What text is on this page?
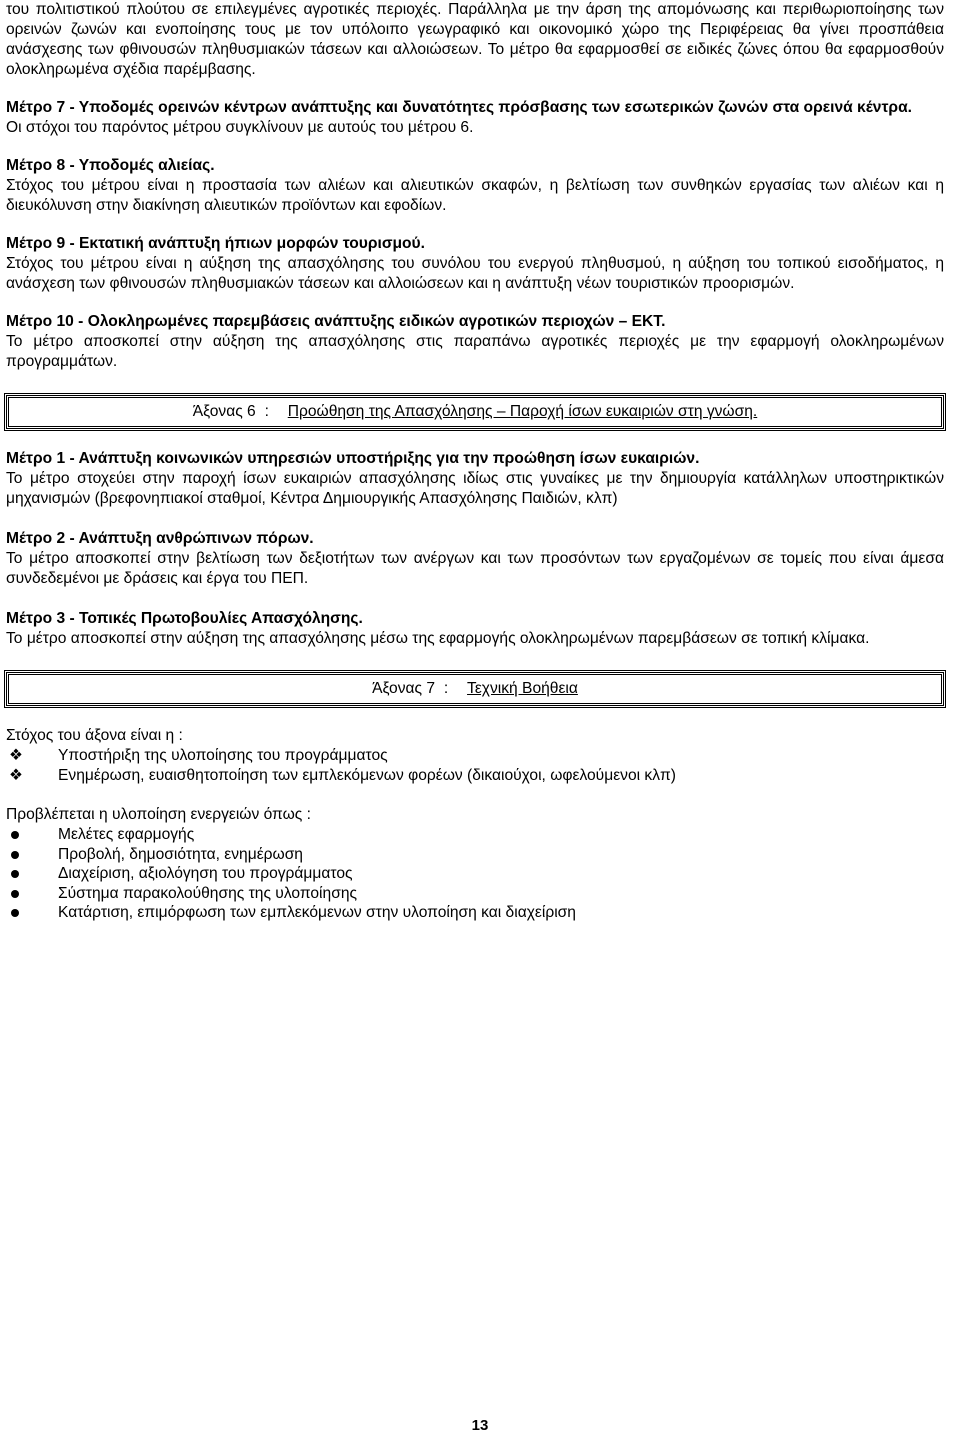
του πολιτιστικού πλούτου σε επιλεγμένες αγροτικές περιοχές. Παράλληλα με την άρση της απομόνωσης και περιθωριοποίησης των ορεινών ζωνών και ενοποίησης τους με τον υπόλοιπο γεωγραφικό και οικονομικό χώρο της Περιφέρειας θα γίνει προσπάθεια ανάσχεσης των φθινουσών πληθυσμιακών τάσεων και αλλοιώσεων. Το μέτρο θα εφαρμοσθεί σε ειδικές ζώνες όπου θα εφαρμοσθούν ολοκληρωμένα σχέδια παρέμβασης.

Μέτρο 7 - Υποδομές ορεινών κέντρων ανάπτυξης και δυνατότητες πρόσβασης των εσωτερικών ζωνών στα ορεινά κέντρα.

Οι στόχοι του παρόντος μέτρου συγκλίνουν με αυτούς του μέτρου 6.

Μέτρο 8 - Υποδομές αλιείας.

Στόχος του μέτρου είναι η προστασία των αλιέων και αλιευτικών σκαφών, η βελτίωση των συνθηκών εργασίας των αλιέων και η διευκόλυνση στην διακίνηση αλιευτικών προϊόντων και εφοδίων.

Μέτρο 9 - Εκτατική ανάπτυξη ήπιων μορφών τουρισμού.

Στόχος του μέτρου είναι η αύξηση της απασχόλησης του συνόλου του ενεργού πληθυσμού, η αύξηση του τοπικού εισοδήματος, η ανάσχεση των φθινουσών πληθυσμιακών τάσεων και αλλοιώσεων και η ανάπτυξη νέων τουριστικών προορισμών.

Μέτρο 10 - Ολοκληρωμένες παρεμβάσεις ανάπτυξης ειδικών αγροτικών περιοχών – ΕΚΤ.

Το μέτρο αποσκοπεί στην αύξηση της απασχόλησης στις παραπάνω αγροτικές περιοχές με την εφαρμογή ολοκληρωμένων προγραμμάτων.

Άξονας 6 :	Προώθηση της Απασχόλησης – Παροχή ίσων ευκαιριών στη γνώση.

Μέτρο 1 - Ανάπτυξη κοινωνικών υπηρεσιών υποστήριξης για την προώθηση ίσων ευκαιριών.

Το μέτρο στοχεύει στην παροχή ίσων ευκαιριών απασχόλησης ιδίως στις γυναίκες με την δημιουργία κατάλληλων υποστηρικτικών μηχανισμών (βρεφονηπιακοί σταθμοί, Κέντρα Δημιουργικής Απασχόλησης Παιδιών, κλπ)

Μέτρο 2 - Ανάπτυξη ανθρώπινων πόρων.

Το μέτρο αποσκοπεί στην βελτίωση των δεξιοτήτων των ανέργων και των προσόντων των εργαζομένων σε τομείς που είναι άμεσα συνδεδεμένοι με δράσεις και έργα του ΠΕΠ.

Μέτρο 3 - Τοπικές Πρωτοβουλίες Απασχόλησης.

Το μέτρο αποσκοπεί στην αύξηση της απασχόλησης μέσω της εφαρμογής ολοκληρωμένων παρεμβάσεων σε τοπική κλίμακα.

Άξονας 7 :	Τεχνική Βοήθεια

Στόχος του άξονα είναι η :

❖ Υποστήριξη της υλοποίησης του προγράμματος
❖ Ενημέρωση, ευαισθητοποίηση των εμπλεκόμενων φορέων (δικαιούχοι, ωφελούμενοι κλπ)

Προβλέπεται η υλοποίηση ενεργειών όπως :

Μελέτες εφαρμογής
Προβολή, δημοσιότητα, ενημέρωση
Διαχείριση, αξιολόγηση του προγράμματος
Σύστημα παρακολούθησης της υλοποίησης
Κατάρτιση, επιμόρφωση των εμπλεκόμενων στην υλοποίηση και διαχείριση
13
